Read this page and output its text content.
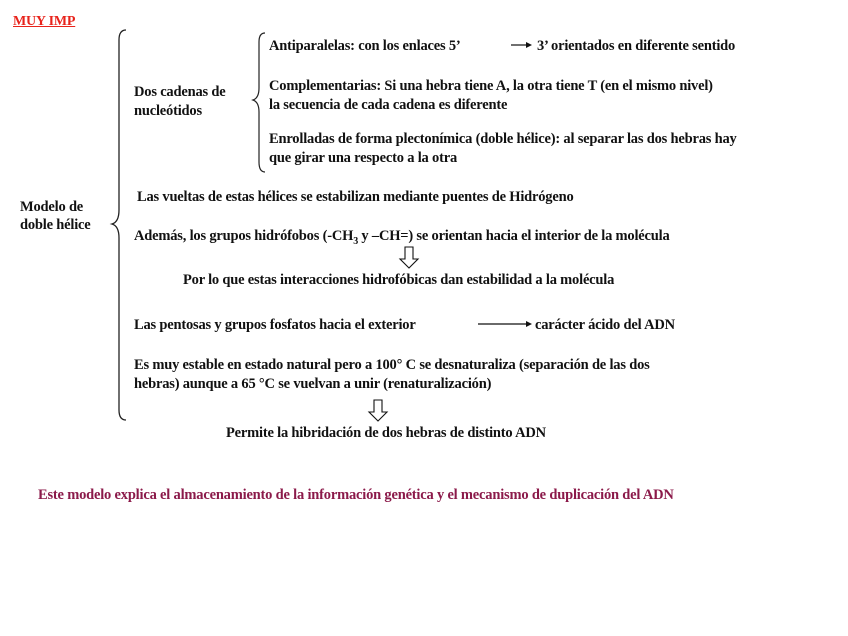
MUY IMP
Modelo de
doble hélice
Dos cadenas de
nucleótidos
Antiparalelas: con los enlaces 5’	3’ orientados en diferente sentido
Complementarias: Si una hebra tiene A, la otra tiene T (en el mismo nivel)
la secuencia de cada cadena es diferente
Enrolladas de forma plectonímica (doble hélice): al separar las dos hebras hay
que girar una respecto a la otra
Las vueltas de estas hélices se estabilizan mediante puentes de Hidrógeno
Además, los grupos hidrófobos ($-CH_3$ y –CH=) se orientan hacia el interior de la molécula
Por lo que estas interacciones hidrofóbicas dan estabilidad a la molécula
Las pentosas y grupos fosfatos hacia el exterior	carácter ácido del ADN
Es muy estable en estado natural pero a 100° C se desnaturaliza (separación de las dos
hebras) aunque a 65 °C se vuelvan a unir (renaturalización)
Permite la hibridación de dos hebras de distinto ADN
Este modelo explica el almacenamiento de la información genética y el mecanismo de duplicación del ADN
